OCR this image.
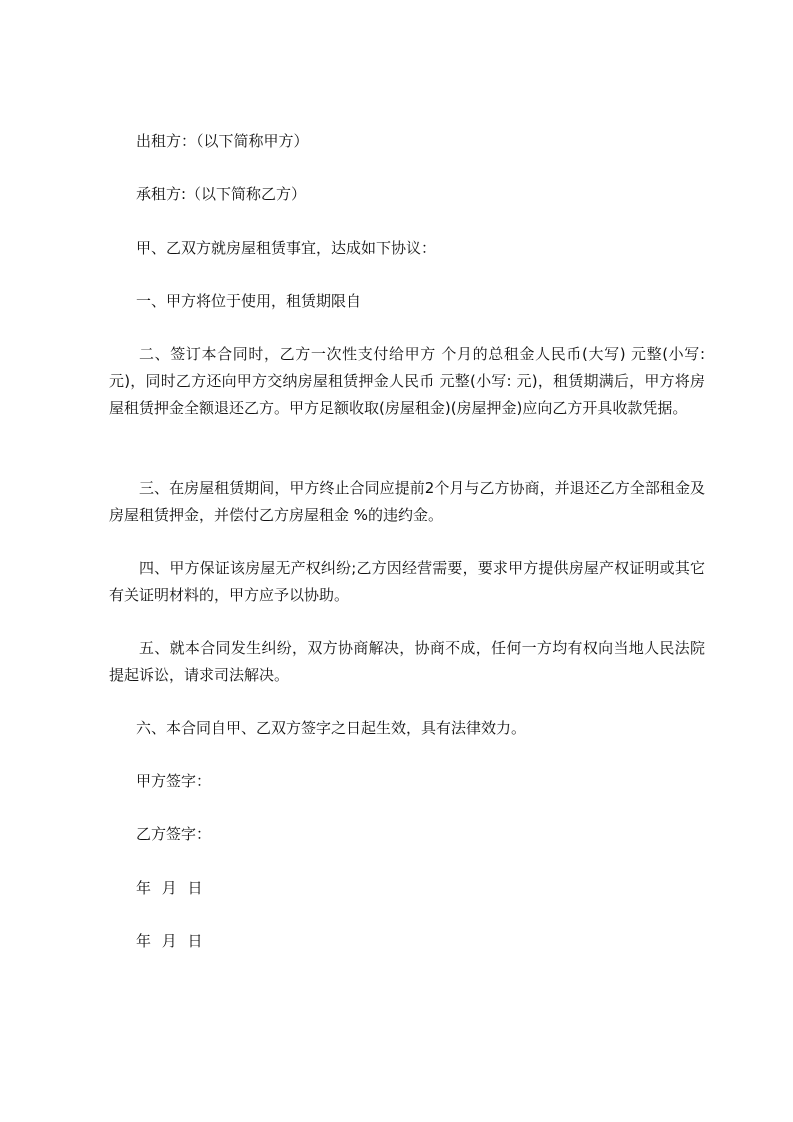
出租方：（以下简称甲方）
承租方:（以下简称乙方）
甲、乙双方就房屋租赁事宜，达成如下协议：
一、甲方将位于使用，租赁期限自
二、签订本合同时，乙方一次性支付给甲方 个月的总租金人民币(大写) 元整(小写: 元)，同时乙方还向甲方交纳房屋租赁押金人民币 元整(小写: 元)，租赁期满后，甲方将房屋租赁押金全额退还乙方。甲方足额收取(房屋租金)(房屋押金)应向乙方开具收款凭据。
三、在房屋租赁期间，甲方终止合同应提前2个月与乙方协商，并退还乙方全部租金及房屋租赁押金，并偿付乙方房屋租金 %的违约金。
四、甲方保证该房屋无产权纠纷;乙方因经营需要，要求甲方提供房屋产权证明或其它有关证明材料的，甲方应予以协助。
五、就本合同发生纠纷，双方协商解决，协商不成，任何一方均有权向当地人民法院提起诉讼，请求司法解决。
六、本合同自甲、乙双方签字之日起生效，具有法律效力。
甲方签字：
乙方签字：
年 月 日
年 月 日
